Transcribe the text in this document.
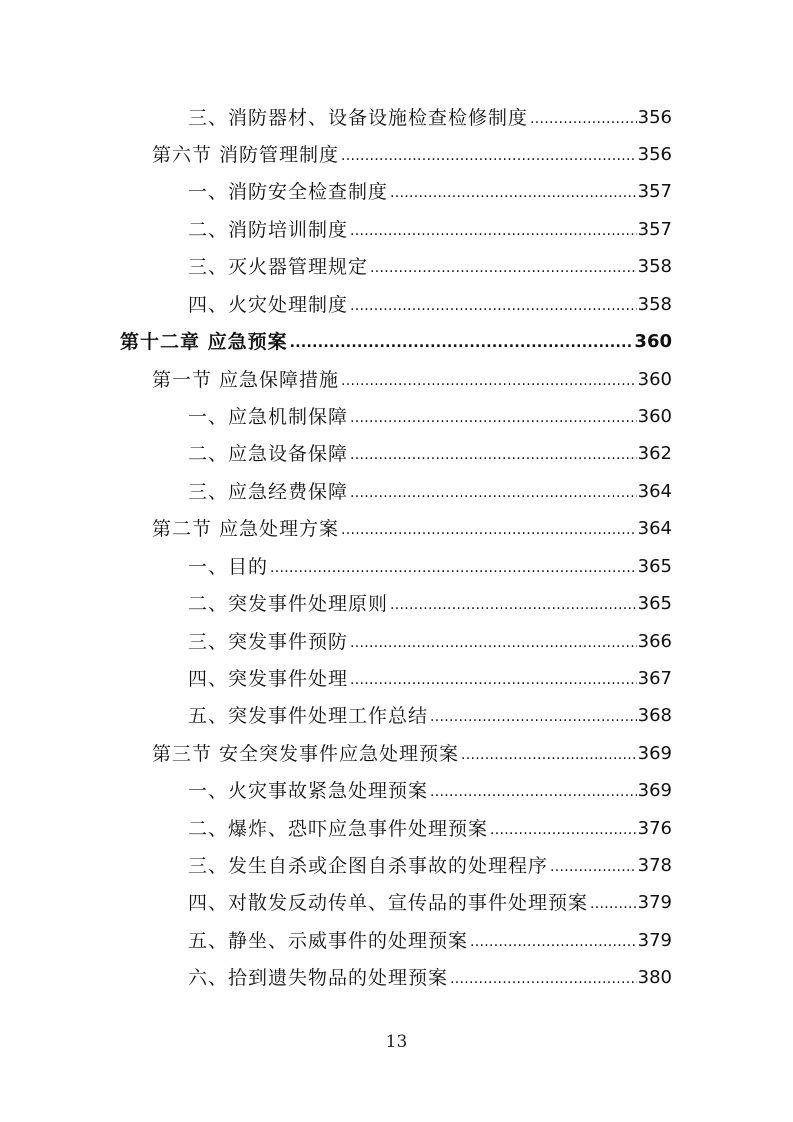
三、消防器材、设备设施检查检修制度 .....	356
第六节 消防管理制度 .....	356
一、消防安全检查制度 .....	357
二、消防培训制度 .....	357
三、灭火器管理规定 .....	358
四、火灾处理制度 .....	358
第十二章 应急预案 .....	360
第一节 应急保障措施 .....	360
一、应急机制保障 .....	360
二、应急设备保障 .....	362
三、应急经费保障 .....	364
第二节 应急处理方案 .....	364
一、目的 .....	365
二、突发事件处理原则 .....	365
三、突发事件预防 .....	366
四、突发事件处理 .....	367
五、突发事件处理工作总结 .....	368
第三节 安全突发事件应急处理预案 .....	369
一、火灾事故紧急处理预案 .....	369
二、爆炸、恐吓应急事件处理预案 .....	376
三、发生自杀或企图自杀事故的处理程序 .....	378
四、对散发反动传单、宣传品的事件处理预案 .....	379
五、静坐、示威事件的处理预案 .....	379
六、拾到遗失物品的处理预案 .....	380
13
